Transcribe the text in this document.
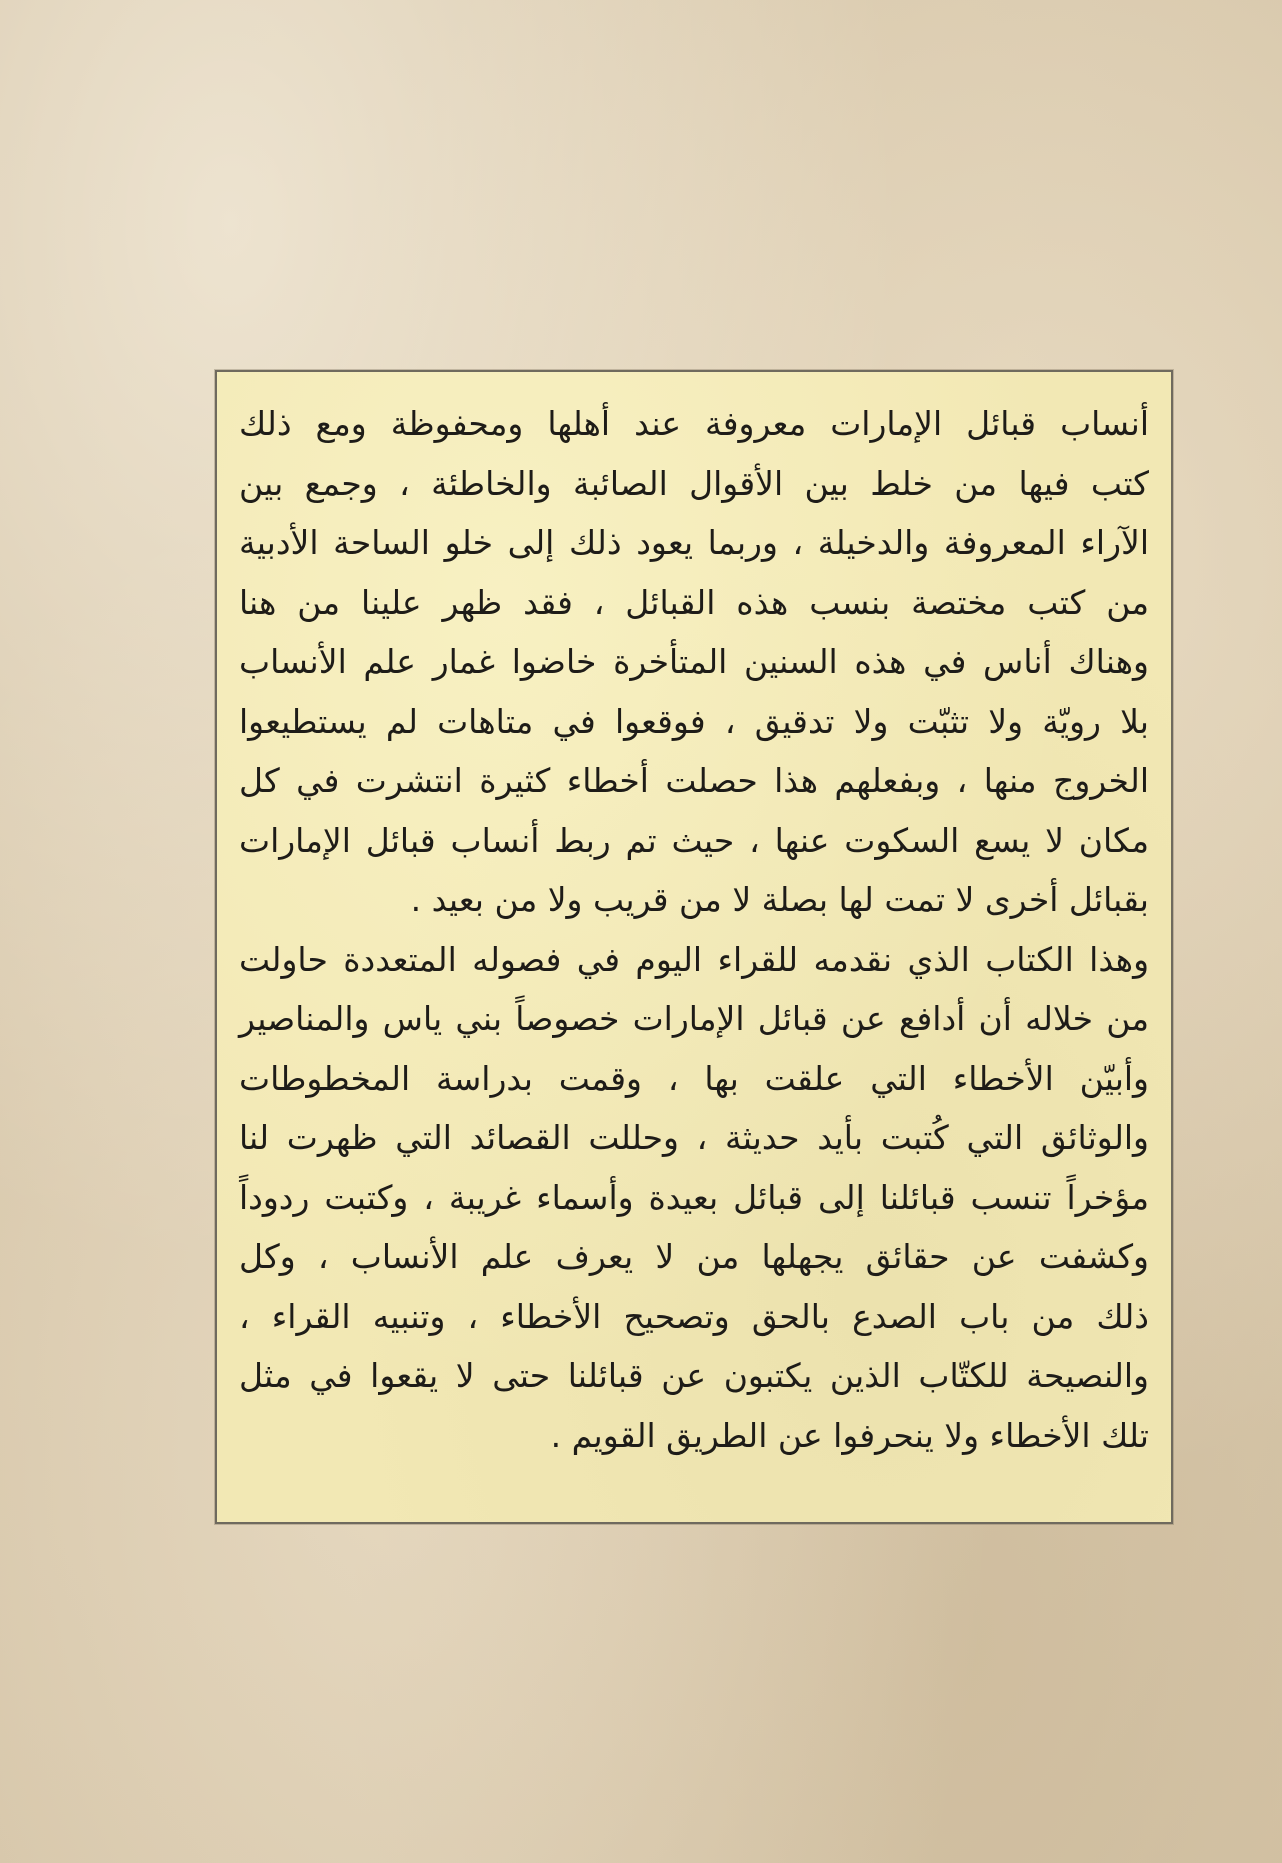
أنساب قبائل الإمارات معروفة عند أهلها ومحفوظة ومع ذلك
كتب فيها من خلط بين الأقوال الصائبة والخاطئة ، وجمع بين
الآراء المعروفة والدخيلة ، وربما يعود ذلك إلى خلو الساحة الأدبية
من كتب مختصة بنسب هذه القبائل ، فقد ظهر علينا من هنا
وهناك أناس في هذه السنين المتأخرة خاضوا غمار علم الأنساب
بلا رويّة ولا تثبّت ولا تدقيق ، فوقعوا في متاهات لم يستطيعوا
الخروج منها ، وبفعلهم هذا حصلت أخطاء كثيرة انتشرت في كل
مكان لا يسع السكوت عنها ، حيث تم ربط أنساب قبائل الإمارات
بقبائل أخرى لا تمت لها بصلة لا من قريب ولا من بعيد .
وهذا الكتاب الذي نقدمه للقراء اليوم في فصوله المتعددة حاولت
من خلاله أن أدافع عن قبائل الإمارات خصوصاً بني ياس والمناصير
وأبيّن الأخطاء التي علقت بها ، وقمت بدراسة المخطوطات
والوثائق التي كُتبت بأيد حديثة ، وحللت القصائد التي ظهرت لنا
مؤخراً تنسب قبائلنا إلى قبائل بعيدة وأسماء غريبة ، وكتبت ردوداً
وكشفت عن حقائق يجهلها من لا يعرف علم الأنساب ، وكل
ذلك من باب الصدع بالحق وتصحيح الأخطاء ، وتنبيه القراء ،
والنصيحة للكتّاب الذين يكتبون عن قبائلنا حتى لا يقعوا في مثل
تلك الأخطاء ولا ينحرفوا عن الطريق القويم .
